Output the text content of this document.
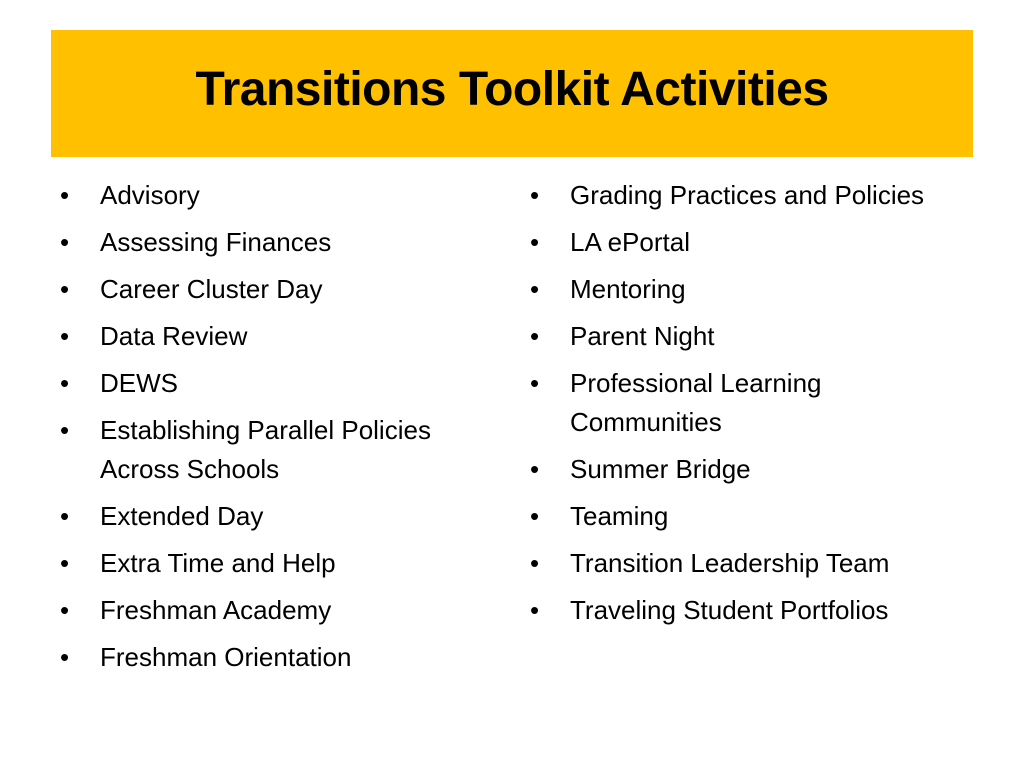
Transitions Toolkit Activities
•	Advisory
•	Assessing Finances
•	Career Cluster Day
•	Data Review
•	DEWS
•	Establishing Parallel Policies Across Schools
•	Extended Day
•	Extra Time and Help
•	Freshman Academy
•	Freshman Orientation
•	Grading Practices and Policies
•	LA ePortal
•	Mentoring
•	Parent Night
•	Professional Learning Communities
•	Summer Bridge
•	Teaming
•	Transition Leadership Team
•	Traveling Student Portfolios
